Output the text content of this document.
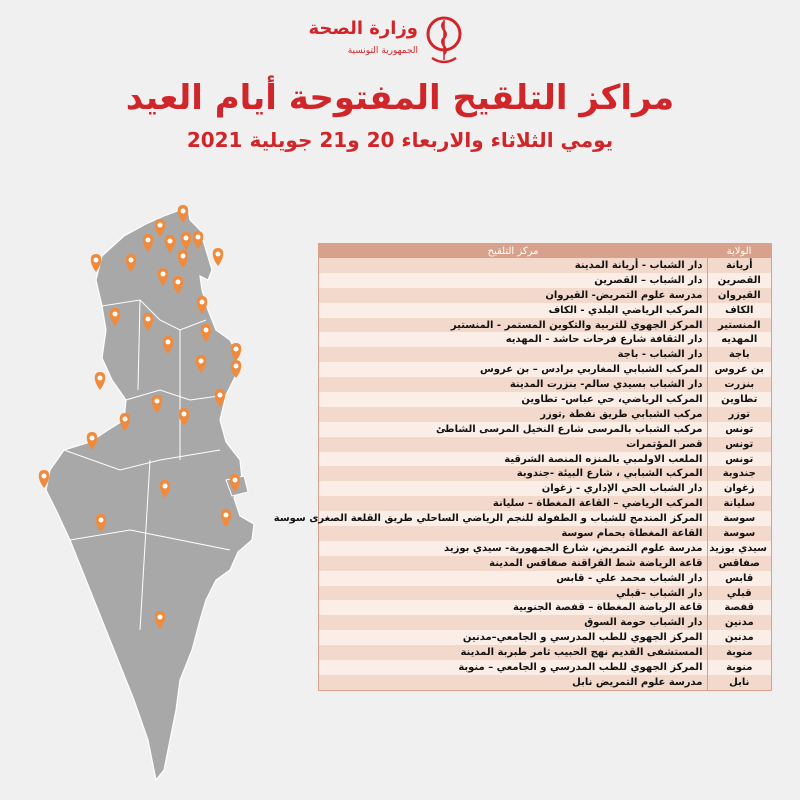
وزارة الصحة
الجمهورية التونسية
مراكز التلقيح المفتوحة أيام العيد
يومي الثلاثاء والاربعاء 20 و21 جويلية 2021
الولاية	مركز التلقيح
أريانة	دار الشباب - أريانة المدينة
القصرين	دار الشباب – القصرين
القيروان	مدرسة علوم التمريض- القيروان
الكاف	المركب الرياضي البلدي - الكاف
المنستير	المركز الجهوي للتربية والتكوين المستمر - المنستير
المهديه	دار الثقافة شارع فرحات حاشد - المهديه
باجة	دار الشباب - باجة
بن عروس	المركب الشبابي المغاربي برادس – بن عروس
بنزرت	دار الشباب بسيدي سالم- بنزرت المدينة
تطاوين	المركب الرياضي، حي عباس- تطاوين
توزر	مركب الشبابي طريق نفطة ,توزر
تونس	مركب الشباب بالمرسى شارع النخيل المرسى الشاطئ
تونس	قصر المؤتمرات
تونس	الملعب الاولمبي بالمنزه المنصة الشرقية
جندوبة	المركب الشبابي ، شارع البيئة -جندوبة
زغوان	دار الشباب الحي الإداري - زغوان
سليانة	المركب الرياضي – القاعة المغطاة – سليانة
سوسة	المركز المندمج للشباب و الطفولة للنجم الرياضي الساحلي طريق القلعة الصغرى سوسة
سوسة	القاعة المغطاة بحمام سوسة
سيدي بوزيد	مدرسة علوم التمريض، شارع الجمهورية- سيدي بوزيد
صفاقس	قاعة الرياضة شط القراقنة صفاقس المدينة
قابس	دار الشباب محمد علي - قابس
قبلي	دار الشباب –قبلي
قفصة	قاعة الرياضة المغطاة – قفصة الجنوبية
مدنين	دار الشباب حومة السوق
مدنين	المركز الجهوي للطب المدرسي و الجامعي–مدنين
منوبة	المستشفى القديم نهج الحبيب ثامر طبربة المدينة
منوبة	المركز الجهوي للطب المدرسي و الجامعي – منوبة
نابل	مدرسة علوم التمريض نابل
